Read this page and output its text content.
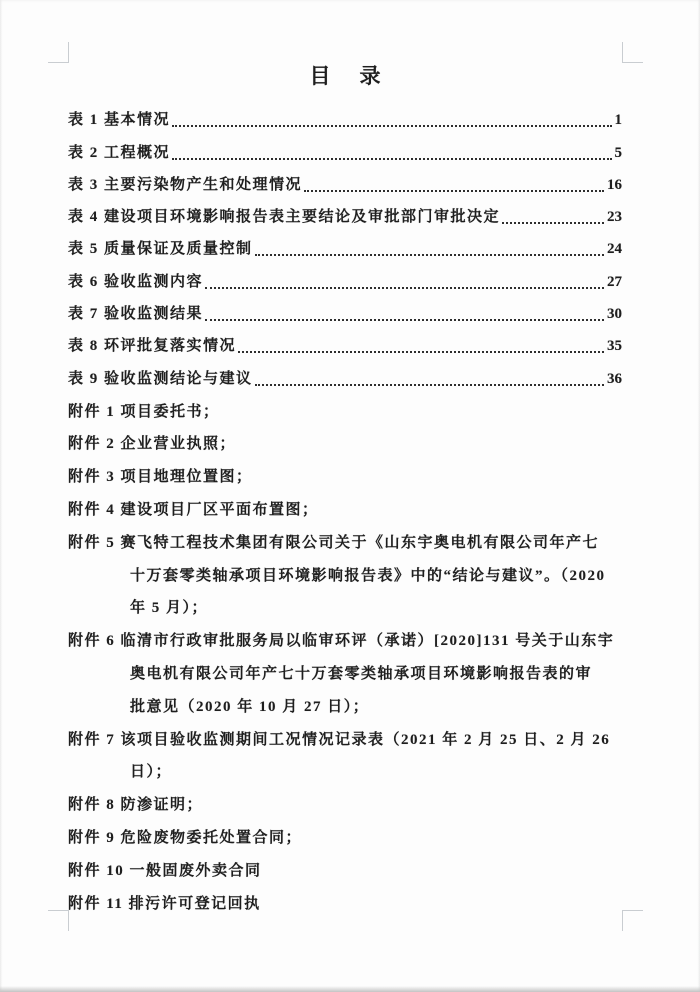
目　录
表 1 基本情况	1
表 2 工程概况	5
表 3 主要污染物产生和处理情况	16
表 4 建设项目环境影响报告表主要结论及审批部门审批决定	23
表 5 质量保证及质量控制	24
表 6 验收监测内容	27
表 7 验收监测结果	30
表 8 环评批复落实情况	35
表 9 验收监测结论与建议	36
附件 1 项目委托书；
附件 2 企业营业执照；
附件 3 项目地理位置图；
附件 4 建设项目厂区平面布置图；
附件 5 赛飞特工程技术集团有限公司关于《山东宇奥电机有限公司年产七
十万套零类轴承项目环境影响报告表》中的“结论与建议”。（2020
年 5 月）；
附件 6 临清市行政审批服务局以临审环评（承诺）[2020]131 号关于山东宇
奥电机有限公司年产七十万套零类轴承项目环境影响报告表的审
批意见（2020 年 10 月 27 日）；
附件 7 该项目验收监测期间工况情况记录表（2021 年 2 月 25 日、2 月 26
日）；
附件 8 防渗证明；
附件 9 危险废物委托处置合同；
附件 10 一般固废外卖合同
附件 11 排污许可登记回执
